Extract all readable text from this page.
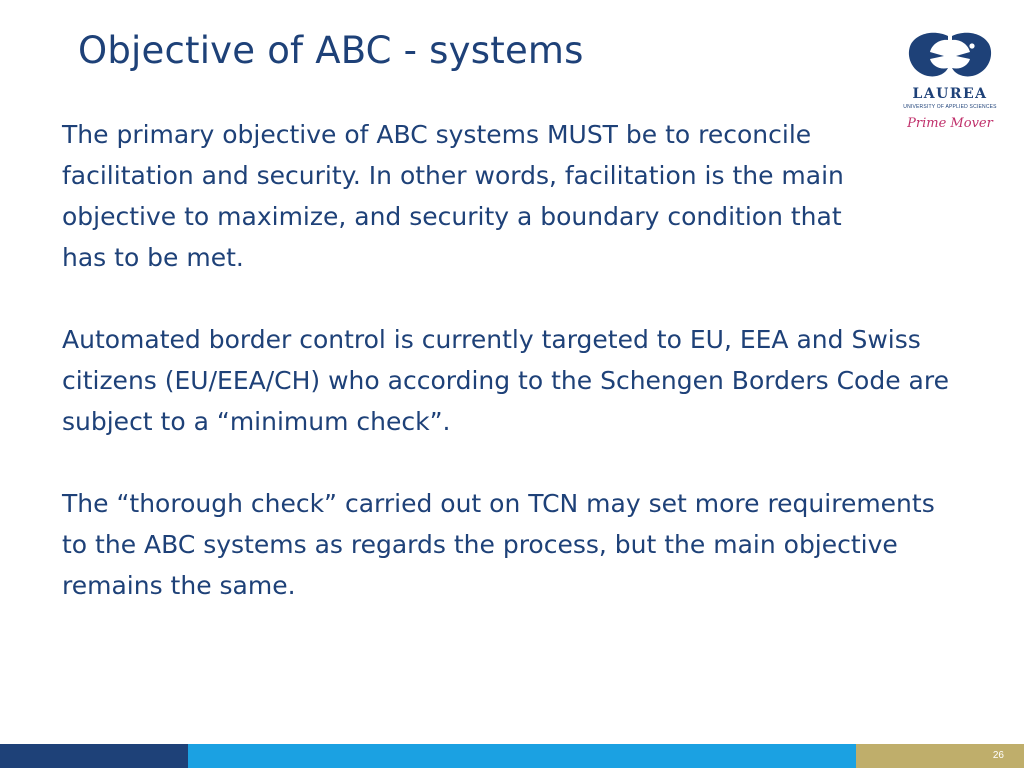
Objective of ABC - systems
LAUREA
UNIVERSITY OF APPLIED SCIENCES
Prime Mover

The primary objective of ABC systems MUST be to reconcile facilitation and security. In other words, facilitation is the main objective to maximize, and security a boundary condition that has to be met.

Automated border control is currently targeted to EU, EEA and Swiss citizens (EU/EEA/CH) who according to the Schengen Borders Code are subject to a “minimum check”.

The “thorough check” carried out on TCN may set more requirements to the ABC systems as regards the process, but the main objective remains the same.

26
